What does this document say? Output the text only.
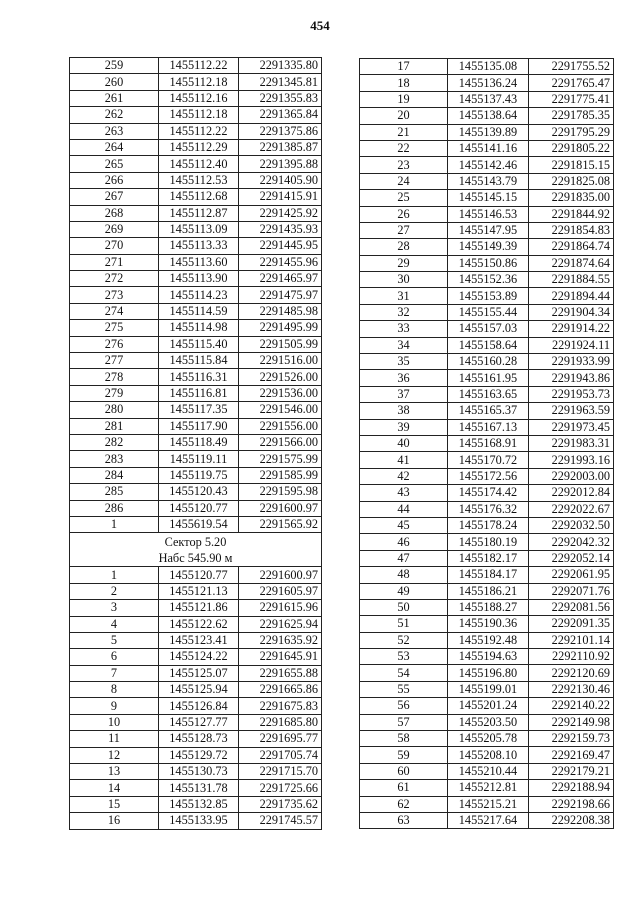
454
259	1455112.22	2291335.80
260	1455112.18	2291345.81
261	1455112.16	2291355.83
262	1455112.18	2291365.84
263	1455112.22	2291375.86
264	1455112.29	2291385.87
265	1455112.40	2291395.88
266	1455112.53	2291405.90
267	1455112.68	2291415.91
268	1455112.87	2291425.92
269	1455113.09	2291435.93
270	1455113.33	2291445.95
271	1455113.60	2291455.96
272	1455113.90	2291465.97
273	1455114.23	2291475.97
274	1455114.59	2291485.98
275	1455114.98	2291495.99
276	1455115.40	2291505.99
277	1455115.84	2291516.00
278	1455116.31	2291526.00
279	1455116.81	2291536.00
280	1455117.35	2291546.00
281	1455117.90	2291556.00
282	1455118.49	2291566.00
283	1455119.11	2291575.99
284	1455119.75	2291585.99
285	1455120.43	2291595.98
286	1455120.77	2291600.97
1	1455619.54	2291565.92

Сектор 5.20
Набс 545.90 м		

1	1455120.77	2291600.97
2	1455121.13	2291605.97
3	1455121.86	2291615.96
4	1455122.62	2291625.94
5	1455123.41	2291635.92
6	1455124.22	2291645.91
7	1455125.07	2291655.88
8	1455125.94	2291665.86
9	1455126.84	2291675.83
10	1455127.77	2291685.80
11	1455128.73	2291695.77
12	1455129.72	2291705.74
13	1455130.73	2291715.70
14	1455131.78	2291725.66
15	1455132.85	2291735.62
16	1455133.95	2291745.57
17	1455135.08	2291755.52
18	1455136.24	2291765.47
19	1455137.43	2291775.41
20	1455138.64	2291785.35
21	1455139.89	2291795.29
22	1455141.16	2291805.22
23	1455142.46	2291815.15
24	1455143.79	2291825.08
25	1455145.15	2291835.00
26	1455146.53	2291844.92
27	1455147.95	2291854.83
28	1455149.39	2291864.74
29	1455150.86	2291874.64
30	1455152.36	2291884.55
31	1455153.89	2291894.44
32	1455155.44	2291904.34
33	1455157.03	2291914.22
34	1455158.64	2291924.11
35	1455160.28	2291933.99
36	1455161.95	2291943.86
37	1455163.65	2291953.73
38	1455165.37	2291963.59
39	1455167.13	2291973.45
40	1455168.91	2291983.31
41	1455170.72	2291993.16
42	1455172.56	2292003.00
43	1455174.42	2292012.84
44	1455176.32	2292022.67
45	1455178.24	2292032.50
46	1455180.19	2292042.32
47	1455182.17	2292052.14
48	1455184.17	2292061.95
49	1455186.21	2292071.76
50	1455188.27	2292081.56
51	1455190.36	2292091.35
52	1455192.48	2292101.14
53	1455194.63	2292110.92
54	1455196.80	2292120.69
55	1455199.01	2292130.46
56	1455201.24	2292140.22
57	1455203.50	2292149.98
58	1455205.78	2292159.73
59	1455208.10	2292169.47
60	1455210.44	2292179.21
61	1455212.81	2292188.94
62	1455215.21	2292198.66
63	1455217.64	2292208.38
